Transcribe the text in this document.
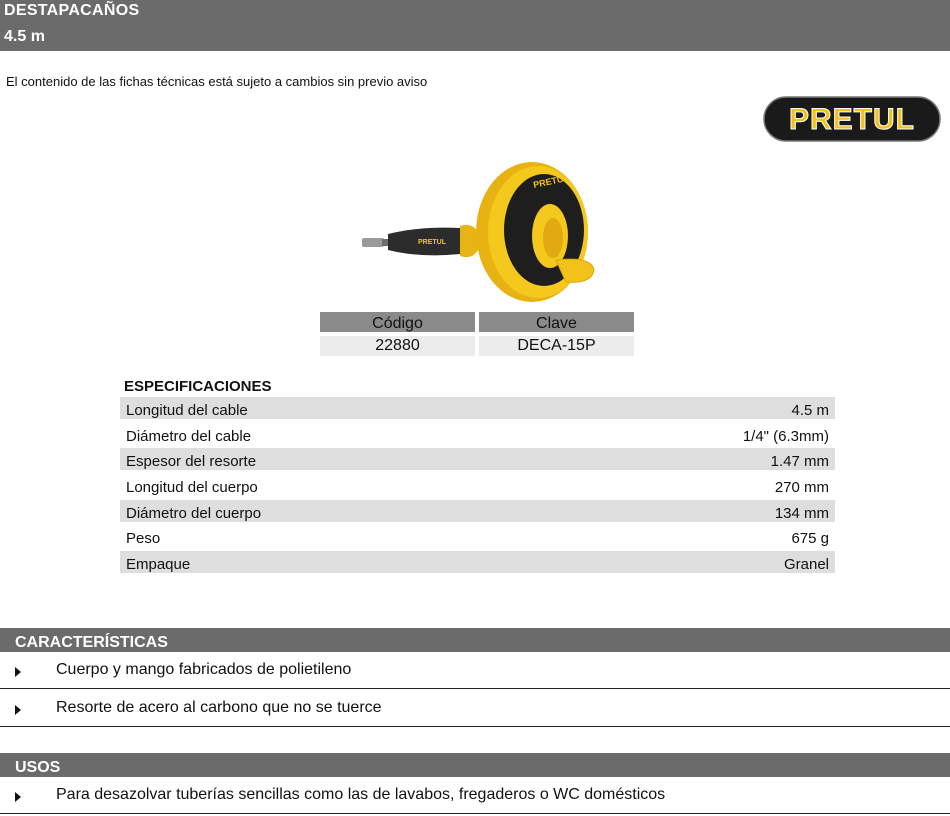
DESTAPACAÑOS
4.5 m
El contenido de las fichas técnicas está sujeto a cambios sin previo aviso
PRETUL
PRETUL
PRETUL
Código	Clave
22880	DECA-15P
ESPECIFICACIONES
Longitud del cable	4.5 m
Diámetro del cable	1/4" (6.3mm)
Espesor del resorte	1.47 mm
Longitud del cuerpo	270 mm
Diámetro del cuerpo	134 mm
Peso	675 g
Empaque	Granel
CARACTERÍSTICAS
Cuerpo y mango fabricados de polietileno
Resorte de acero al carbono que no se tuerce
USOS
Para desazolvar tuberías sencillas como las de lavabos, fregaderos o WC domésticos
